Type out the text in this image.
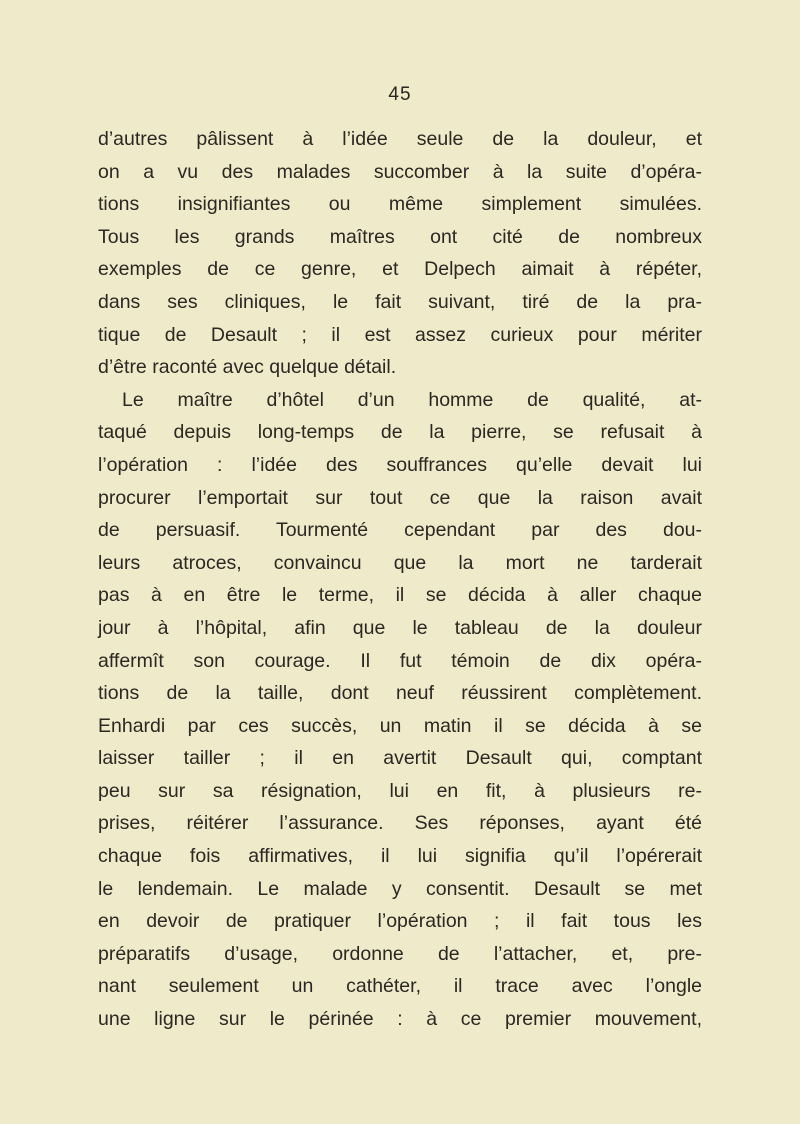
45
d’autres pâlissent à l’idée seule de la douleur, et
on a vu des malades succomber à la suite d’opéra-
tions insignifiantes ou même simplement simulées.
Tous les grands maîtres ont cité de nombreux
exemples de ce genre, et Delpech aimait à répéter,
dans ses cliniques, le fait suivant, tiré de la pra-
tique de Desault ; il est assez curieux pour mériter
d’être raconté avec quelque détail.
Le maître d’hôtel d’un homme de qualité, at-
taqué depuis long-temps de la pierre, se refusait à
l’opération : l’idée des souffrances qu’elle devait lui
procurer l’emportait sur tout ce que la raison avait
de persuasif. Tourmenté cependant par des dou-
leurs atroces, convaincu que la mort ne tarderait
pas à en être le terme, il se décida à aller chaque
jour à l’hôpital, afin que le tableau de la douleur
affermît son courage. Il fut témoin de dix opéra-
tions de la taille, dont neuf réussirent complètement.
Enhardi par ces succès, un matin il se décida à se
laisser tailler ; il en avertit Desault qui, comptant
peu sur sa résignation, lui en fit, à plusieurs re-
prises, réitérer l’assurance. Ses réponses, ayant été
chaque fois affirmatives, il lui signifia qu’il l’opérerait
le lendemain. Le malade y consentit. Desault se met
en devoir de pratiquer l’opération ; il fait tous les
préparatifs d’usage, ordonne de l’attacher, et, pre-
nant seulement un cathéter, il trace avec l’ongle
une ligne sur le périnée : à ce premier mouvement,
